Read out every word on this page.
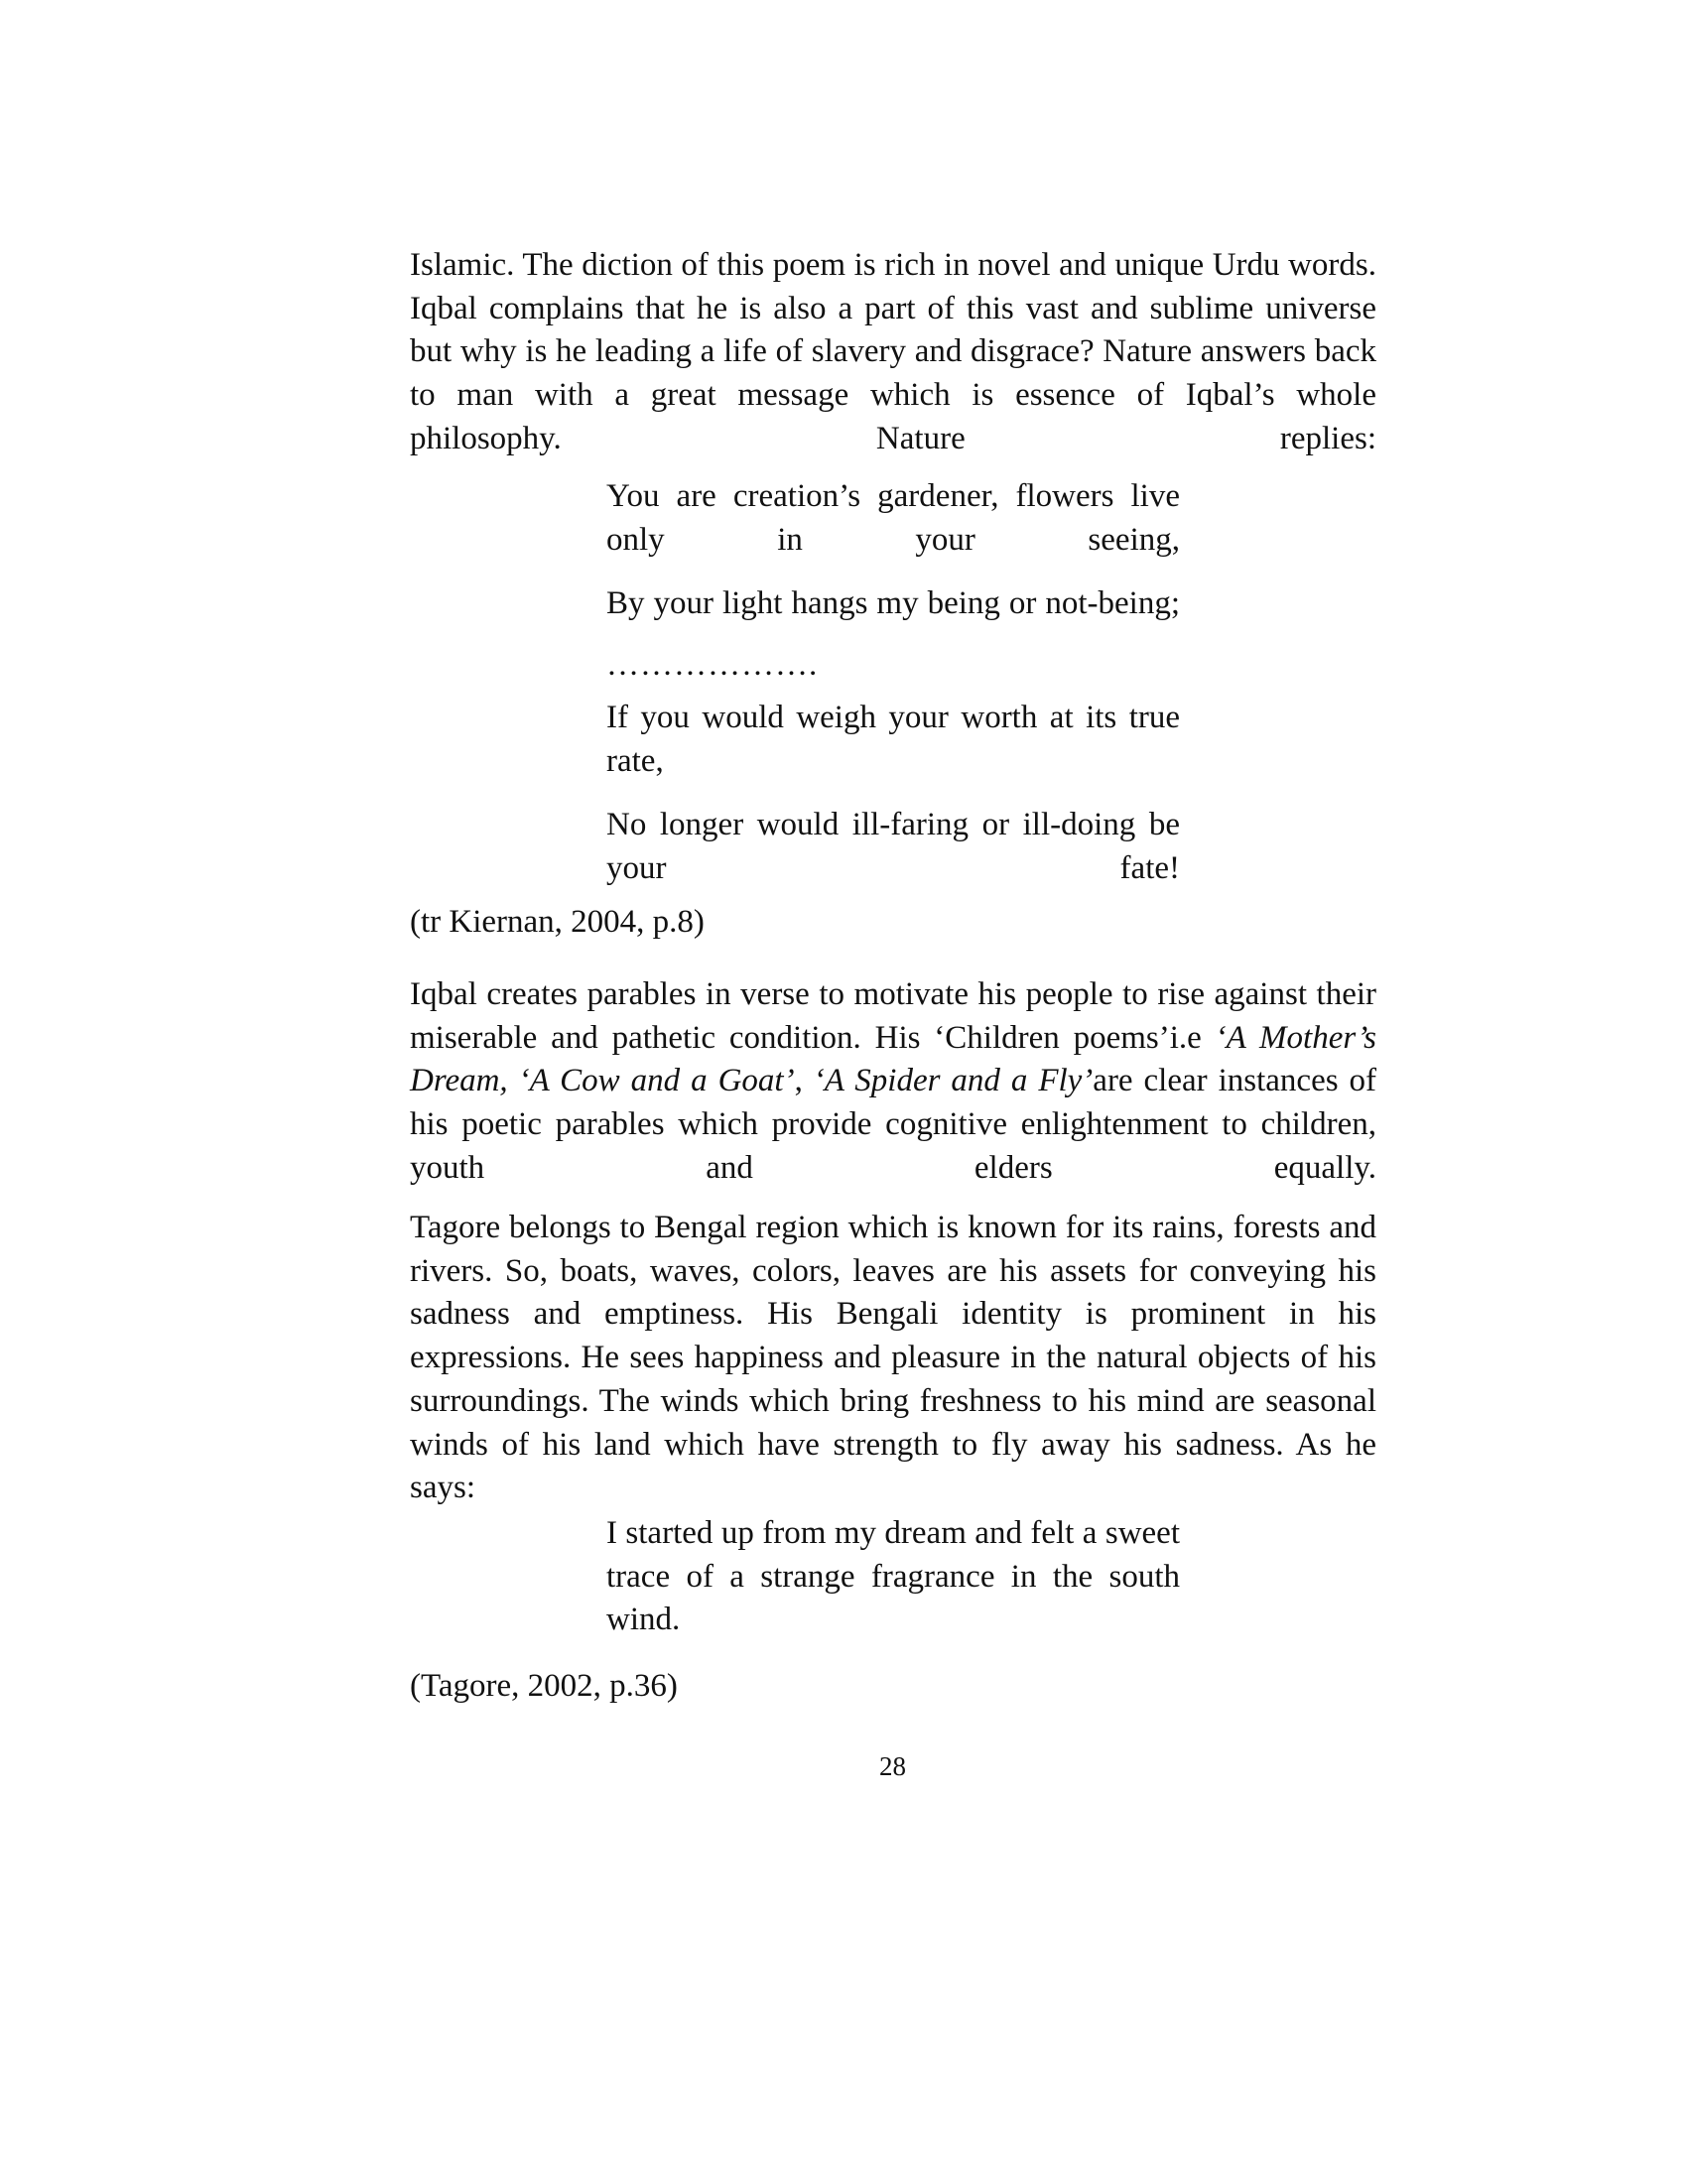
Islamic. The diction of this poem is rich in novel and unique Urdu words. Iqbal complains that he is also a part of this vast and sublime universe but why is he leading a life of slavery and disgrace? Nature answers back to man with a great message which is essence of Iqbal’s whole philosophy. Nature replies:

You are creation’s gardener, flowers live only in your seeing,

By your light hangs my being or not-being;

……………….

If you would weigh your worth at its true rate,

No longer would ill-faring or ill-doing be your fate!

(tr Kiernan, 2004, p.8)

Iqbal creates parables in verse to motivate his people to rise against their miserable and pathetic condition. His ‘Children poems’i.e ‘A Mother’s Dream, ‘A Cow and a Goat’, ‘A Spider and a Fly’are clear instances of his poetic parables which provide cognitive enlightenment to children, youth and elders equally.

Tagore belongs to Bengal region which is known for its rains, forests and rivers. So, boats, waves, colors, leaves are his assets for conveying his sadness and emptiness. His Bengali identity is prominent in his expressions. He sees happiness and pleasure in the natural objects of his surroundings. The winds which bring freshness to his mind are seasonal winds of his land which have strength to fly away his sadness. As he says:

I started up from my dream and felt a sweet trace of a strange fragrance in the south wind.

(Tagore, 2002, p.36)

28
